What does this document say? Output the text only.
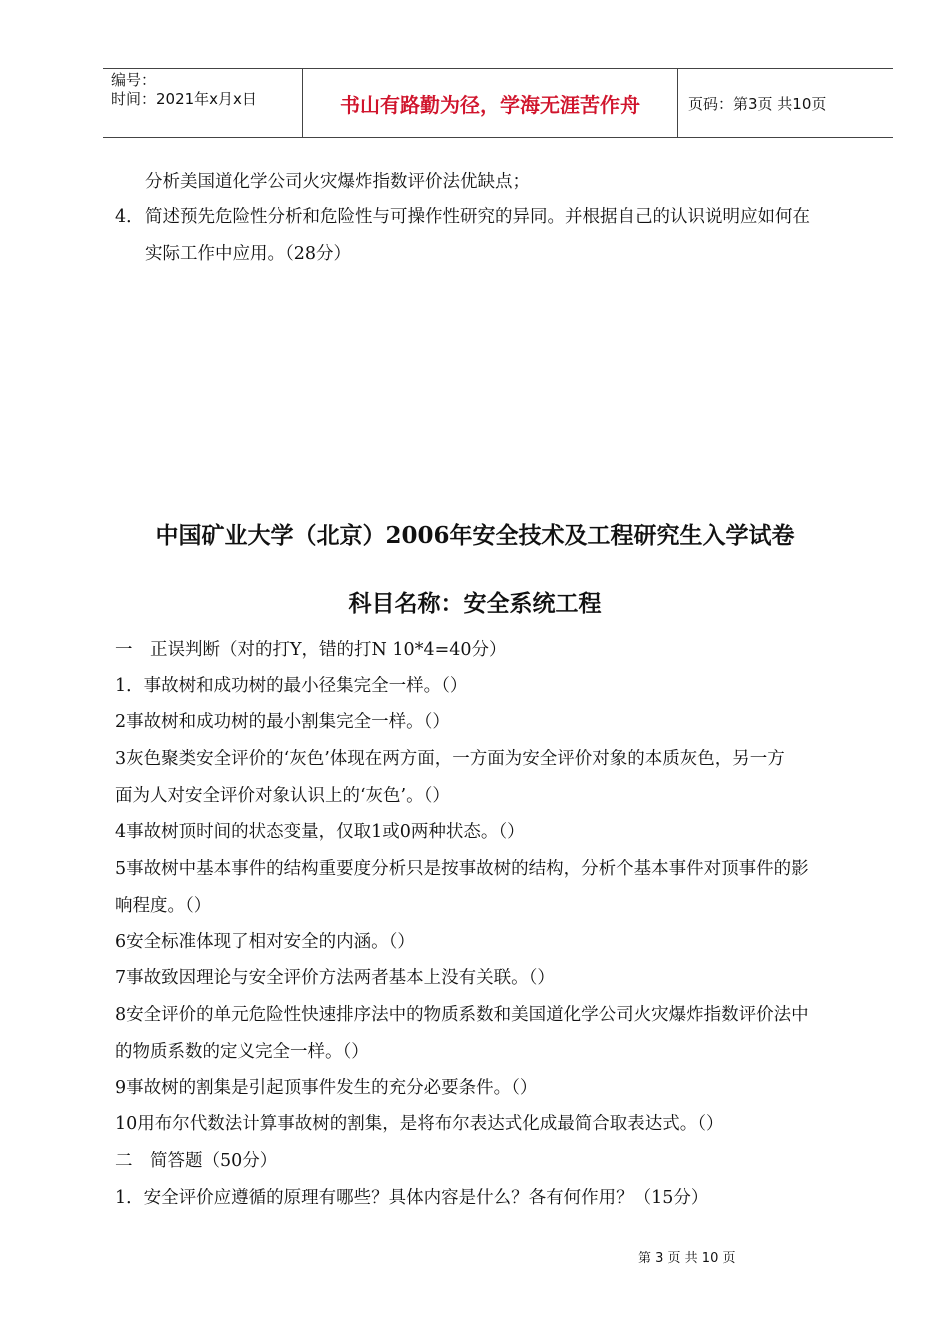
编号：
时间：2021年x月x日	书山有路勤为径，学海无涯苦作舟	页码：第3页 共10页
分析美国道化学公司火灾爆炸指数评价法优缺点；
4． 简述预先危险性分析和危险性与可操作性研究的异同。并根据自己的认识说明应如何在
实际工作中应用。（28分）
中国矿业大学（北京）2006年安全技术及工程研究生入学试卷
科目名称：安全系统工程
一　正误判断（对的打Y，错的打N 10*4=40分）
1．事故树和成功树的最小径集完全一样。（）
2事故树和成功树的最小割集完全一样。（）
3灰色聚类安全评价的‘灰色’体现在两方面，一方面为安全评价对象的本质灰色，另一方
面为人对安全评价对象认识上的‘灰色’。（）
4事故树顶时间的状态变量，仅取1或0两种状态。（）
5事故树中基本事件的结构重要度分析只是按事故树的结构，分析个基本事件对顶事件的影
响程度。（）
6安全标准体现了相对安全的内涵。（）
7事故致因理论与安全评价方法两者基本上没有关联。（）
8安全评价的单元危险性快速排序法中的物质系数和美国道化学公司火灾爆炸指数评价法中
的物质系数的定义完全一样。（）
9事故树的割集是引起顶事件发生的充分必要条件。（）
10用布尔代数法计算事故树的割集，是将布尔表达式化成最简合取表达式。（）
二　简答题（50分）
1．安全评价应遵循的原理有哪些？具体内容是什么？各有何作用？（15分）
第 3 页 共 10 页
